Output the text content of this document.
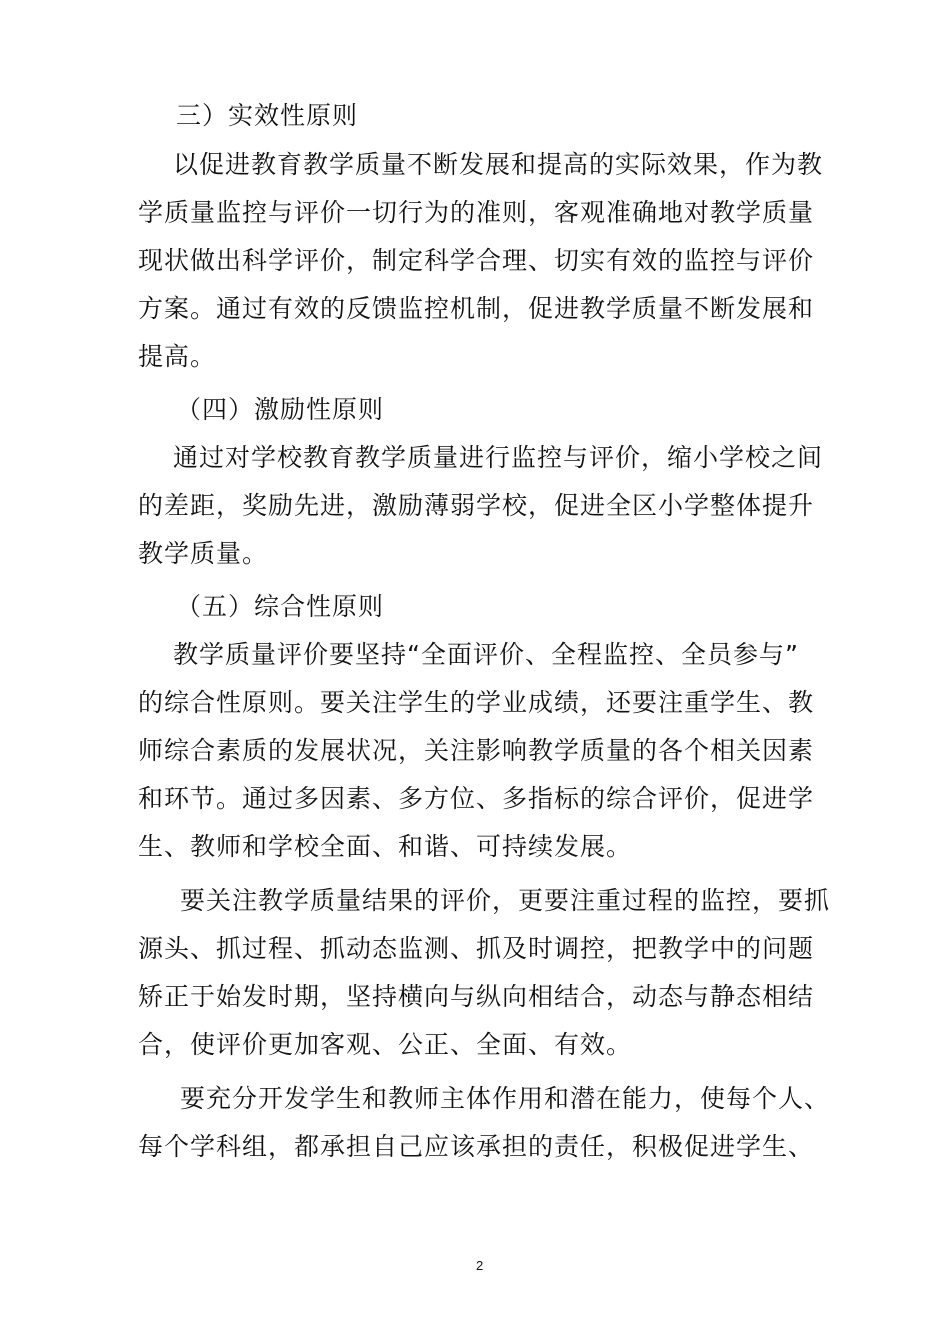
三）实效性原则
以促进教育教学质量不断发展和提高的实际效果，作为教
学质量监控与评价一切行为的准则，客观准确地对教学质量
现状做出科学评价，制定科学合理、切实有效的监控与评价
方案。通过有效的反馈监控机制，促进教学质量不断发展和
提高。
（四）激励性原则
通过对学校教育教学质量进行监控与评价，缩小学校之间
的差距，奖励先进，激励薄弱学校，促进全区小学整体提升
教学质量。
（五）综合性原则
教学质量评价要坚持“全面评价、全程监控、全员参与”
的综合性原则。要关注学生的学业成绩，还要注重学生、教
师综合素质的发展状况，关注影响教学质量的各个相关因素
和环节。通过多因素、多方位、多指标的综合评价，促进学
生、教师和学校全面、和谐、可持续发展。
要关注教学质量结果的评价，更要注重过程的监控，要抓
源头、抓过程、抓动态监测、抓及时调控，把教学中的问题
矫正于始发时期，坚持横向与纵向相结合，动态与静态相结
合，使评价更加客观、公正、全面、有效。
要充分开发学生和教师主体作用和潜在能力，使每个人、
每个学科组，都承担自己应该承担的责任，积极促进学生、
2
